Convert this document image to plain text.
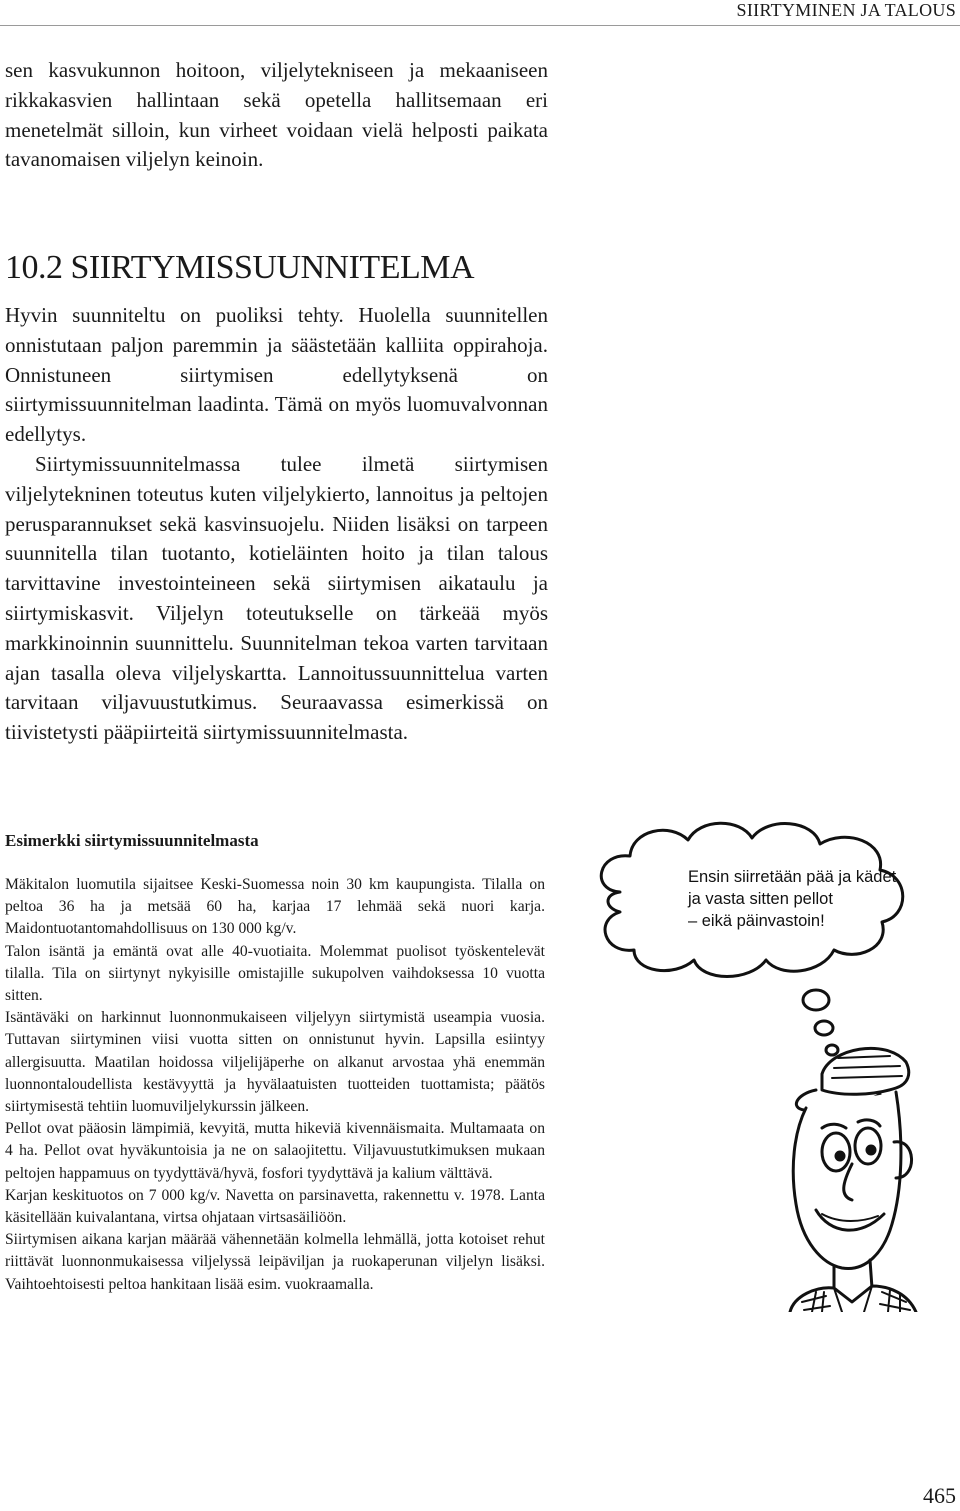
SIIRTYMINEN JA TALOUS

sen kasvukunnon hoitoon, viljelytekniseen ja mekaaniseen rikkakasvien hallintaan sekä opetella hallitsemaan eri menetelmät silloin, kun virheet voidaan vielä helposti paikata tavanomaisen viljelyn keinoin.

10.2 SIIRTYMISSUUNNITELMA

Hyvin suunniteltu on puoliksi tehty. Huolella suunnitellen onnistutaan paljon paremmin ja säästetään kalliita oppirahoja. Onnistuneen siirtymisen edellytyksenä on siirtymissuunnitelman laadinta. Tämä on myös luomuvalvonnan edellytys.

Siirtymissuunnitelmassa tulee ilmetä siirtymisen viljelytekninen toteutus kuten viljelykierto, lannoitus ja peltojen perusparannukset sekä kasvinsuojelu. Niiden lisäksi on tarpeen suunnitella tilan tuotanto, kotieläinten hoito ja tilan talous tarvittavine investointeineen sekä siirtymisen aikataulu ja siirtymiskasvit. Viljelyn toteutukselle on tärkeää myös markkinoinnin suunnittelu. Suunnitelman tekoa varten tarvitaan ajan tasalla oleva viljelyskartta. Lannoitussuunnittelua varten tarvitaan viljavuustutkimus. Seuraavassa esimerkissä on tiivistetysti pääpiirteitä siirtymissuunnitelmasta.

Esimerkki siirtymissuunnitelmasta

Mäkitalon luomutila sijaitsee Keski-Suomessa noin 30 km kaupungista. Tilalla on peltoa 36 ha ja metsää 60 ha, karjaa 17 lehmää sekä nuori karja. Maidontuotantomahdollisuus on 130 000 kg/v.

Talon isäntä ja emäntä ovat alle 40-vuotiaita. Molemmat puolisot työskentelevät tilalla. Tila on siirtynyt nykyisille omistajille sukupolven vaihdoksessa 10 vuotta sitten.

Isäntäväki on harkinnut luonnonmukaiseen viljelyyn siirtymistä useampia vuosia. Tuttavan siirtyminen viisi vuotta sitten on onnistunut hyvin. Lapsilla esiintyy allergisuutta. Maatilan hoidossa viljelijäperhe on alkanut arvostaa yhä enemmän luonnontaloudellista kestävyyttä ja hyvälaatuisten tuotteiden tuottamista; päätös siirtymisestä tehtiin luomuviljelykurssin jälkeen.

Pellot ovat pääosin lämpimiä, kevyitä, mutta hikeviä kivennäismaita. Multamaata on 4 ha. Pellot ovat hyväkuntoisia ja ne on salaojitettu. Viljavuustutkimuksen mukaan peltojen happamuus on tyydyttävä/hyvä, fosfori tyydyttävä ja kalium välttävä.

Karjan keskituotos on 7 000 kg/v. Navetta on parsinavetta, rakennettu v. 1978. Lanta käsitellään kuivalantana, virtsa ohjataan virtsasäiliöön.

Siirtymisen aikana karjan määrää vähennetään kolmella lehmällä, jotta kotoiset rehut riittävät luonnonmukaisessa viljelyssä leipäviljan ja ruokaperunan viljelyn lisäksi. Vaihtoehtoisesti peltoa hankitaan lisää esim. vuokraamalla.

Ensin siirretään pää ja kädet
ja vasta sitten pellot
– eikä päinvastoin!
465
